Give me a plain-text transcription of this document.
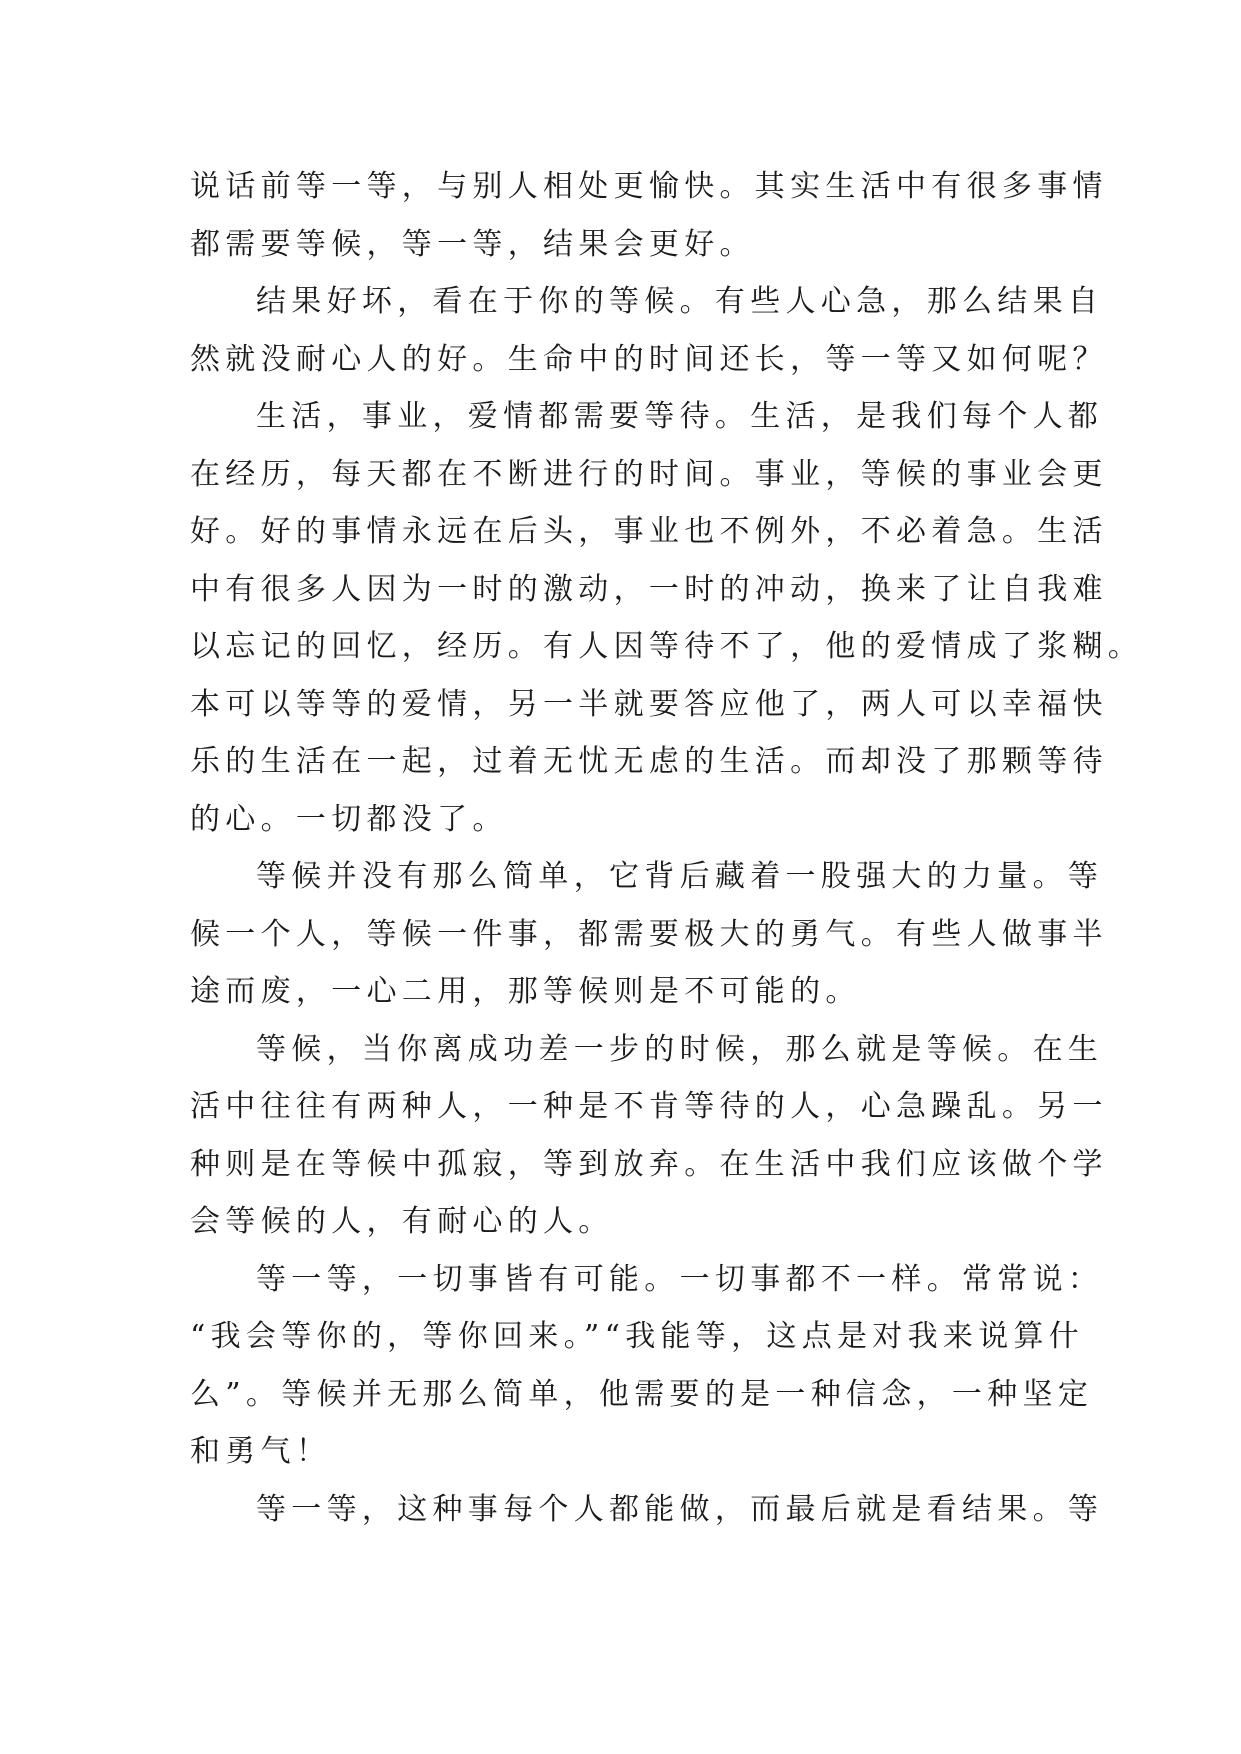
说话前等一等，与别人相处更愉快。其实生活中有很多事情
都需要等候，等一等，结果会更好。
结果好坏，看在于你的等候。有些人心急，那么结果自
然就没耐心人的好。生命中的时间还长，等一等又如何呢？
生活，事业，爱情都需要等待。生活，是我们每个人都
在经历，每天都在不断进行的时间。事业，等候的事业会更
好。好的事情永远在后头，事业也不例外，不必着急。生活
中有很多人因为一时的激动，一时的冲动，换来了让自我难
以忘记的回忆，经历。有人因等待不了，他的爱情成了浆糊。
本可以等等的爱情，另一半就要答应他了，两人可以幸福快
乐的生活在一起，过着无忧无虑的生活。而却没了那颗等待
的心。一切都没了。
等候并没有那么简单，它背后藏着一股强大的力量。等
候一个人，等候一件事，都需要极大的勇气。有些人做事半
途而废，一心二用，那等候则是不可能的。
等候，当你离成功差一步的时候，那么就是等候。在生
活中往往有两种人，一种是不肯等待的人，心急躁乱。另一
种则是在等候中孤寂，等到放弃。在生活中我们应该做个学
会等候的人，有耐心的人。
等一等，一切事皆有可能。一切事都不一样。常常说：
“我会等你的，等你回来。”“我能等，这点是对我来说算什
么”。等候并无那么简单，他需要的是一种信念，一种坚定
和勇气！
等一等，这种事每个人都能做，而最后就是看结果。等
